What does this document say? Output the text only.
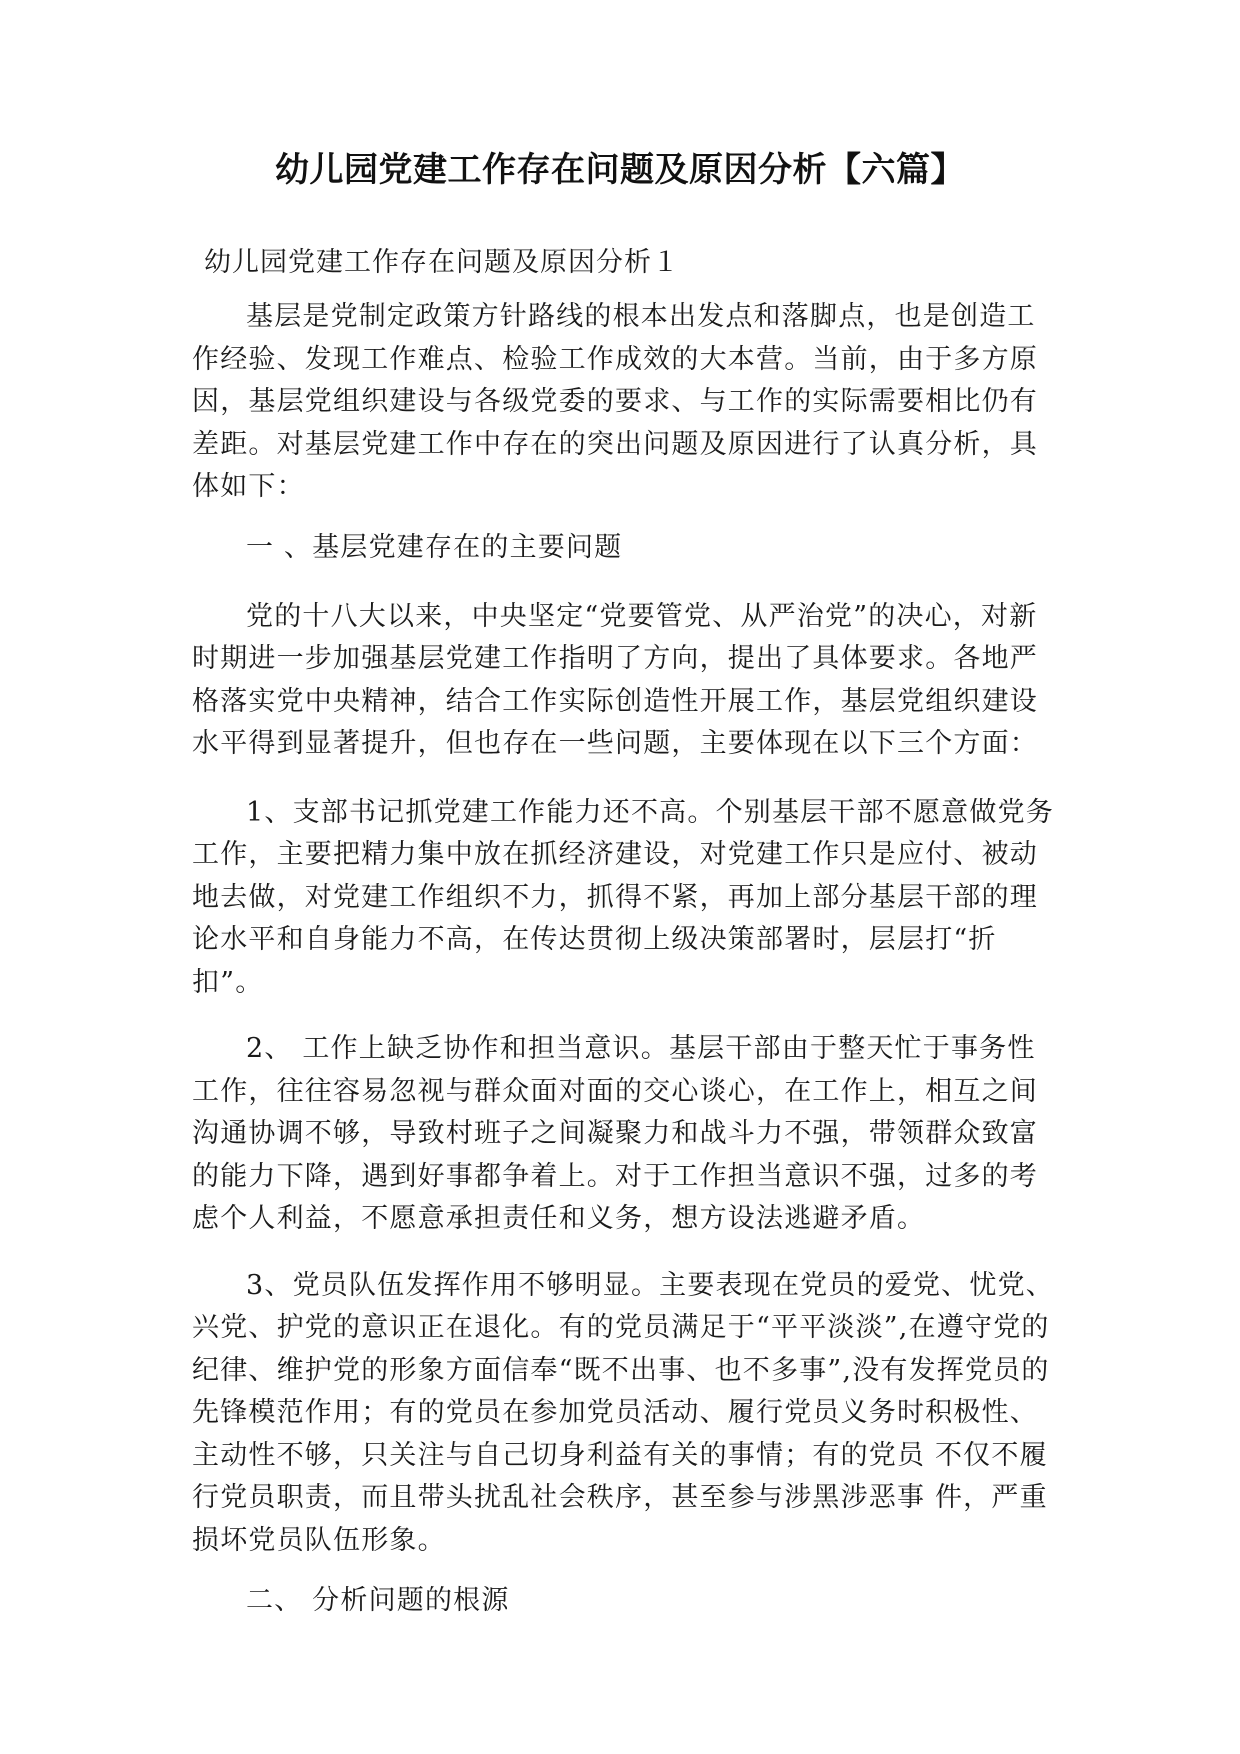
幼儿园党建工作存在问题及原因分析【六篇】

幼儿园党建工作存在问题及原因分析１

基层是党制定政策方针路线的根本出发点和落脚点，也是创造工作经验、发现工作难点、检验工作成效的大本营。当前，由于多方原因，基层党组织建设与各级党委的要求、与工作的实际需要相比仍有差距。对基层党建工作中存在的突出问题及原因进行了认真分析，具体如下：

一 、基层党建存在的主要问题

党的十八大以来，中央坚定“党要管党、从严治党”的决心，对新时期进一步加强基层党建工作指明了方向，提出了具体要求。各地严格落实党中央精神，结合工作实际创造性开展工作，基层党组织建设水平得到显著提升，但也存在一些问题，主要体现在以下三个方面：

1、支部书记抓党建工作能力还不高。个别基层干部不愿意做党务工作，主要把精力集中放在抓经济建设，对党建工作只是应付、被动地去做，对党建工作组织不力，抓得不紧，再加上部分基层干部的理论水平和自身能力不高，在传达贯彻上级决策部署时，层层打“折扣”。

2、 工作上缺乏协作和担当意识。基层干部由于整天忙于事务性 工作，往往容易忽视与群众面对面的交心谈心，在工作上，相互之间 沟通协调不够，导致村班子之间凝聚力和战斗力不强，带领群众致富 的能力下降，遇到好事都争着上。对于工作担当意识不强，过多的考 虑个人利益，不愿意承担责任和义务，想方设法逃避矛盾。

3、党员队伍发挥作用不够明显。主要表现在党员的爱党、忧党、兴党、护党的意识正在退化。有的党员满足于“平平淡淡”,在遵守党的纪律、维护党的形象方面信奉“既不出事、也不多事”,没有发挥党员的先锋模范作用；有的党员在参加党员活动、履行党员义务时积极性、主动性不够，只关注与自己切身利益有关的事情；有的党员 不仅不履行党员职责，而且带头扰乱社会秩序，甚至参与涉黑涉恶事 件，严重损坏党员队伍形象。

二、 分析问题的根源
